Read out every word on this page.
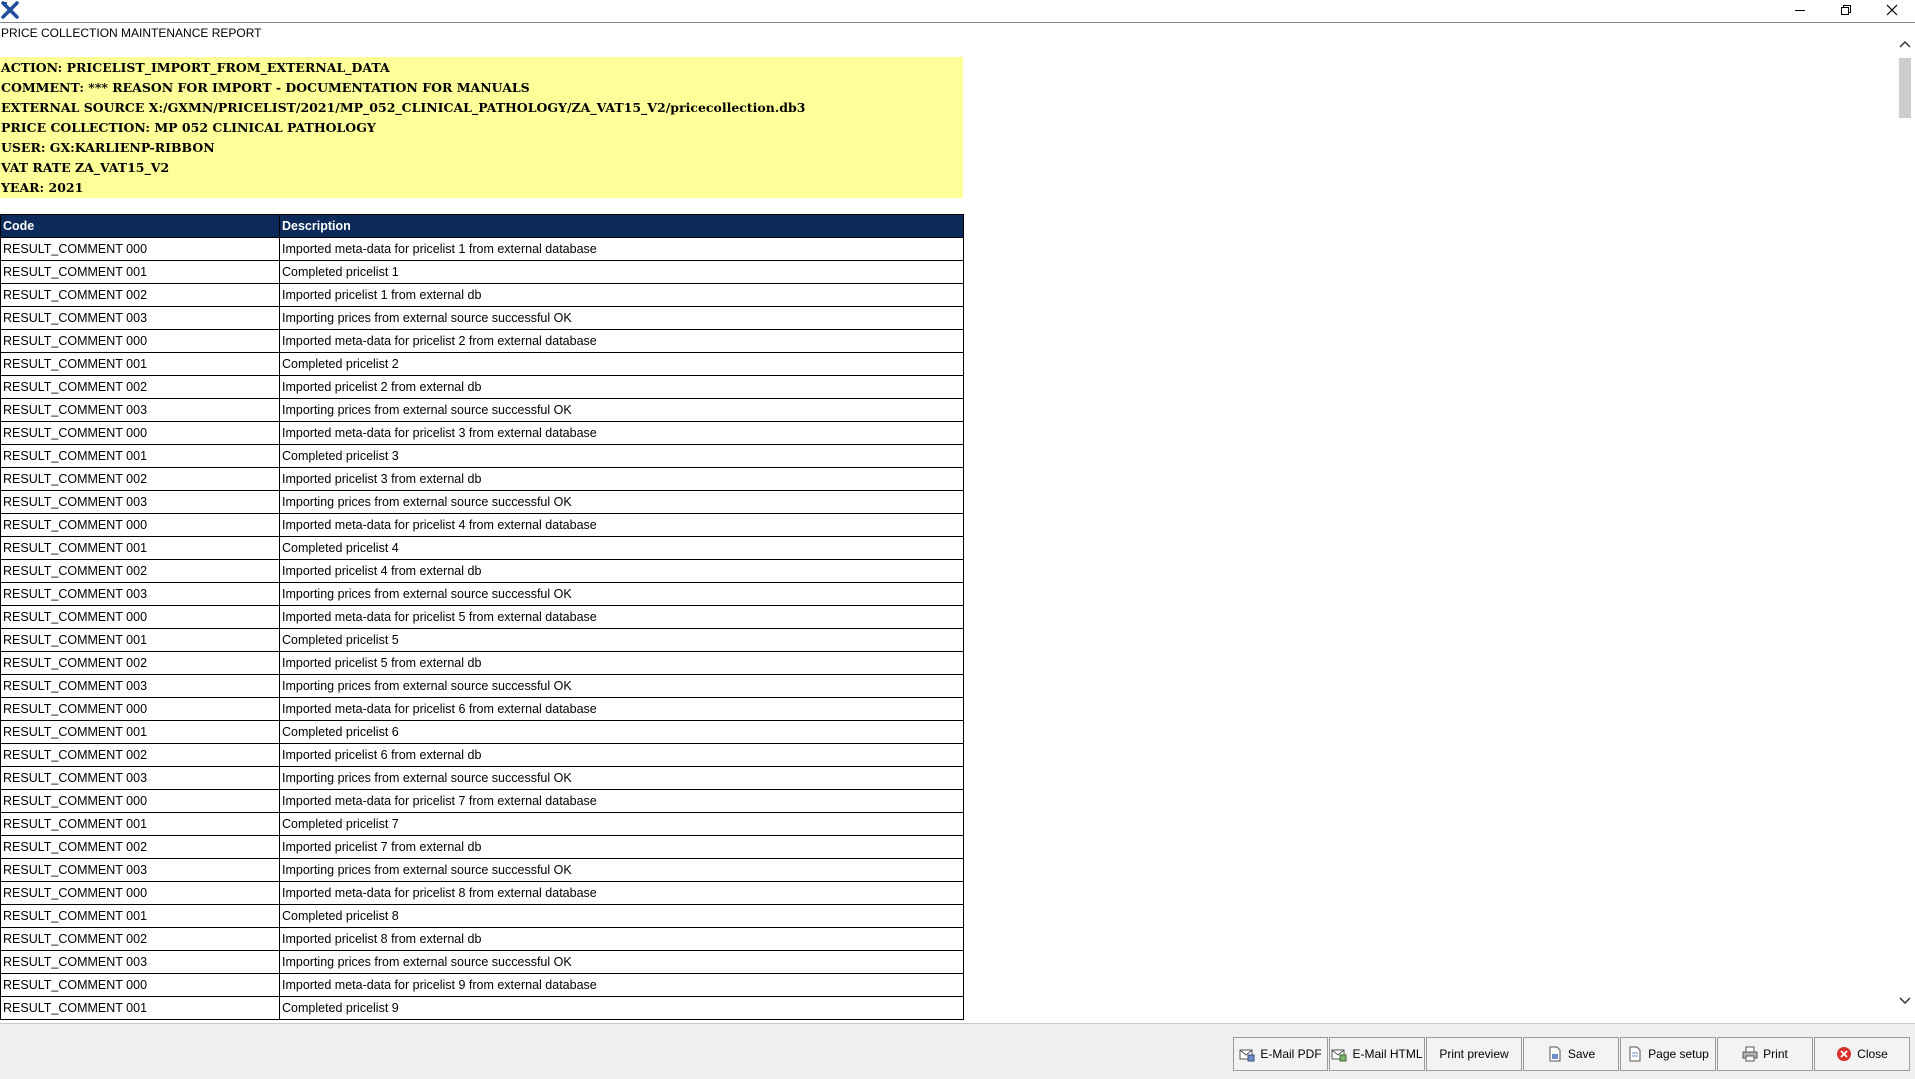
PRICE COLLECTION MAINTENANCE REPORT
ACTION: PRICELIST_IMPORT_FROM_EXTERNAL_DATA
COMMENT: *** REASON FOR IMPORT - DOCUMENTATION FOR MANUALS
EXTERNAL SOURCE X:/GXMN/PRICELIST/2021/MP_052_CLINICAL_PATHOLOGY/ZA_VAT15_V2/pricecollection.db3
PRICE COLLECTION: MP 052 CLINICAL PATHOLOGY
USER: GX:KARLIENP-RIBBON
VAT RATE ZA_VAT15_V2
YEAR: 2021
Code	Description
RESULT_COMMENT 000	Imported meta-data for pricelist 1 from external database
RESULT_COMMENT 001	Completed pricelist 1
RESULT_COMMENT 002	Imported pricelist 1 from external db
RESULT_COMMENT 003	Importing prices from external source successful OK
RESULT_COMMENT 000	Imported meta-data for pricelist 2 from external database
RESULT_COMMENT 001	Completed pricelist 2
RESULT_COMMENT 002	Imported pricelist 2 from external db
RESULT_COMMENT 003	Importing prices from external source successful OK
RESULT_COMMENT 000	Imported meta-data for pricelist 3 from external database
RESULT_COMMENT 001	Completed pricelist 3
RESULT_COMMENT 002	Imported pricelist 3 from external db
RESULT_COMMENT 003	Importing prices from external source successful OK
RESULT_COMMENT 000	Imported meta-data for pricelist 4 from external database
RESULT_COMMENT 001	Completed pricelist 4
RESULT_COMMENT 002	Imported pricelist 4 from external db
RESULT_COMMENT 003	Importing prices from external source successful OK
RESULT_COMMENT 000	Imported meta-data for pricelist 5 from external database
RESULT_COMMENT 001	Completed pricelist 5
RESULT_COMMENT 002	Imported pricelist 5 from external db
RESULT_COMMENT 003	Importing prices from external source successful OK
RESULT_COMMENT 000	Imported meta-data for pricelist 6 from external database
RESULT_COMMENT 001	Completed pricelist 6
RESULT_COMMENT 002	Imported pricelist 6 from external db
RESULT_COMMENT 003	Importing prices from external source successful OK
RESULT_COMMENT 000	Imported meta-data for pricelist 7 from external database
RESULT_COMMENT 001	Completed pricelist 7
RESULT_COMMENT 002	Imported pricelist 7 from external db
RESULT_COMMENT 003	Importing prices from external source successful OK
RESULT_COMMENT 000	Imported meta-data for pricelist 8 from external database
RESULT_COMMENT 001	Completed pricelist 8
RESULT_COMMENT 002	Imported pricelist 8 from external db
RESULT_COMMENT 003	Importing prices from external source successful OK
RESULT_COMMENT 000	Imported meta-data for pricelist 9 from external database
RESULT_COMMENT 001	Completed pricelist 9
E-Mail PDF	E-Mail HTML Print preview	Save	Page setup	Print	Close
